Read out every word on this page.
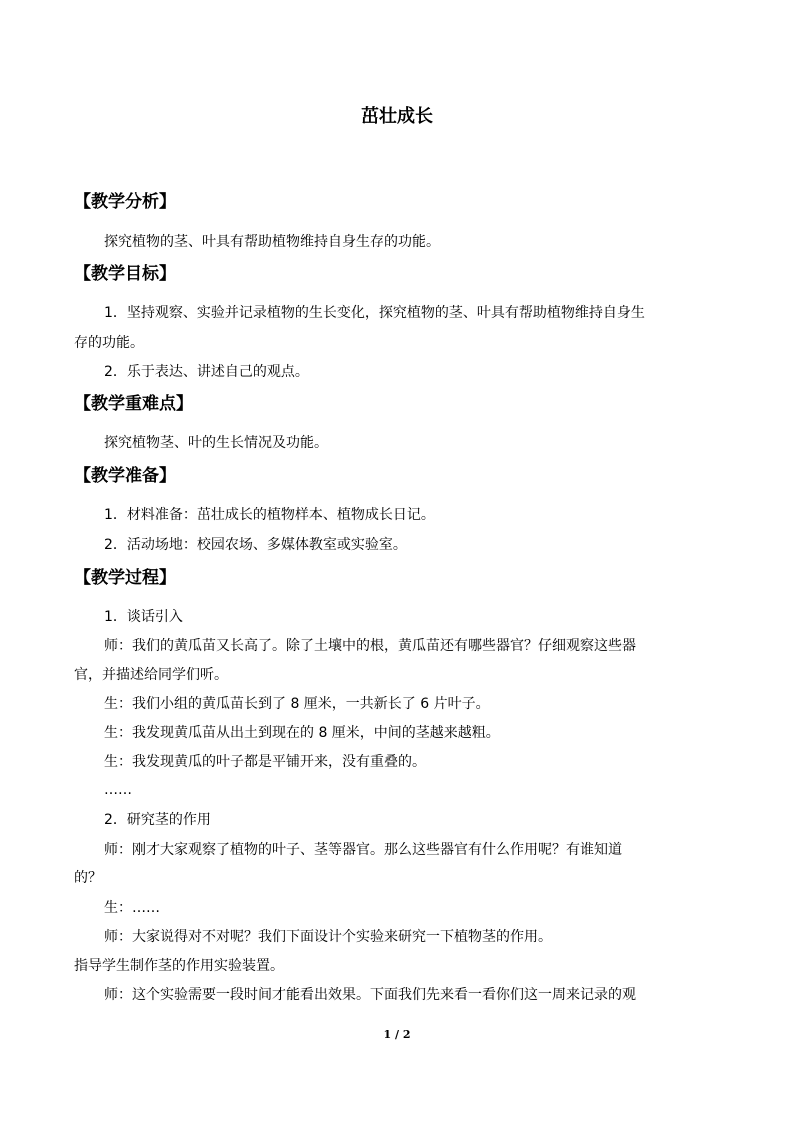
茁壮成长
【教学分析】

探究植物的茎、叶具有帮助植物维持自身生存的功能。

【教学目标】

1．坚持观察、实验并记录植物的生长变化，探究植物的茎、叶具有帮助植物维持自身生

存的功能。

2．乐于表达、讲述自己的观点。

【教学重难点】

探究植物茎、叶的生长情况及功能。

【教学准备】

1．材料准备：茁壮成长的植物样本、植物成长日记。

2．活动场地：校园农场、多媒体教室或实验室。

【教学过程】

1．谈话引入

师：我们的黄瓜苗又长高了。除了土壤中的根，黄瓜苗还有哪些器官？仔细观察这些器

官，并描述给同学们听。

生：我们小组的黄瓜苗长到了 8 厘米，一共新长了 6 片叶子。

生：我发现黄瓜苗从出土到现在的 8 厘米，中间的茎越来越粗。

生：我发现黄瓜的叶子都是平铺开来，没有重叠的。

……

2．研究茎的作用

师：刚才大家观察了植物的叶子、茎等器官。那么这些器官有什么作用呢？有谁知道

的？

生：……

师：大家说得对不对呢？我们下面设计个实验来研究一下植物茎的作用。

指导学生制作茎的作用实验装置。

师：这个实验需要一段时间才能看出效果。下面我们先来看一看你们这一周来记录的观

1 / 2
